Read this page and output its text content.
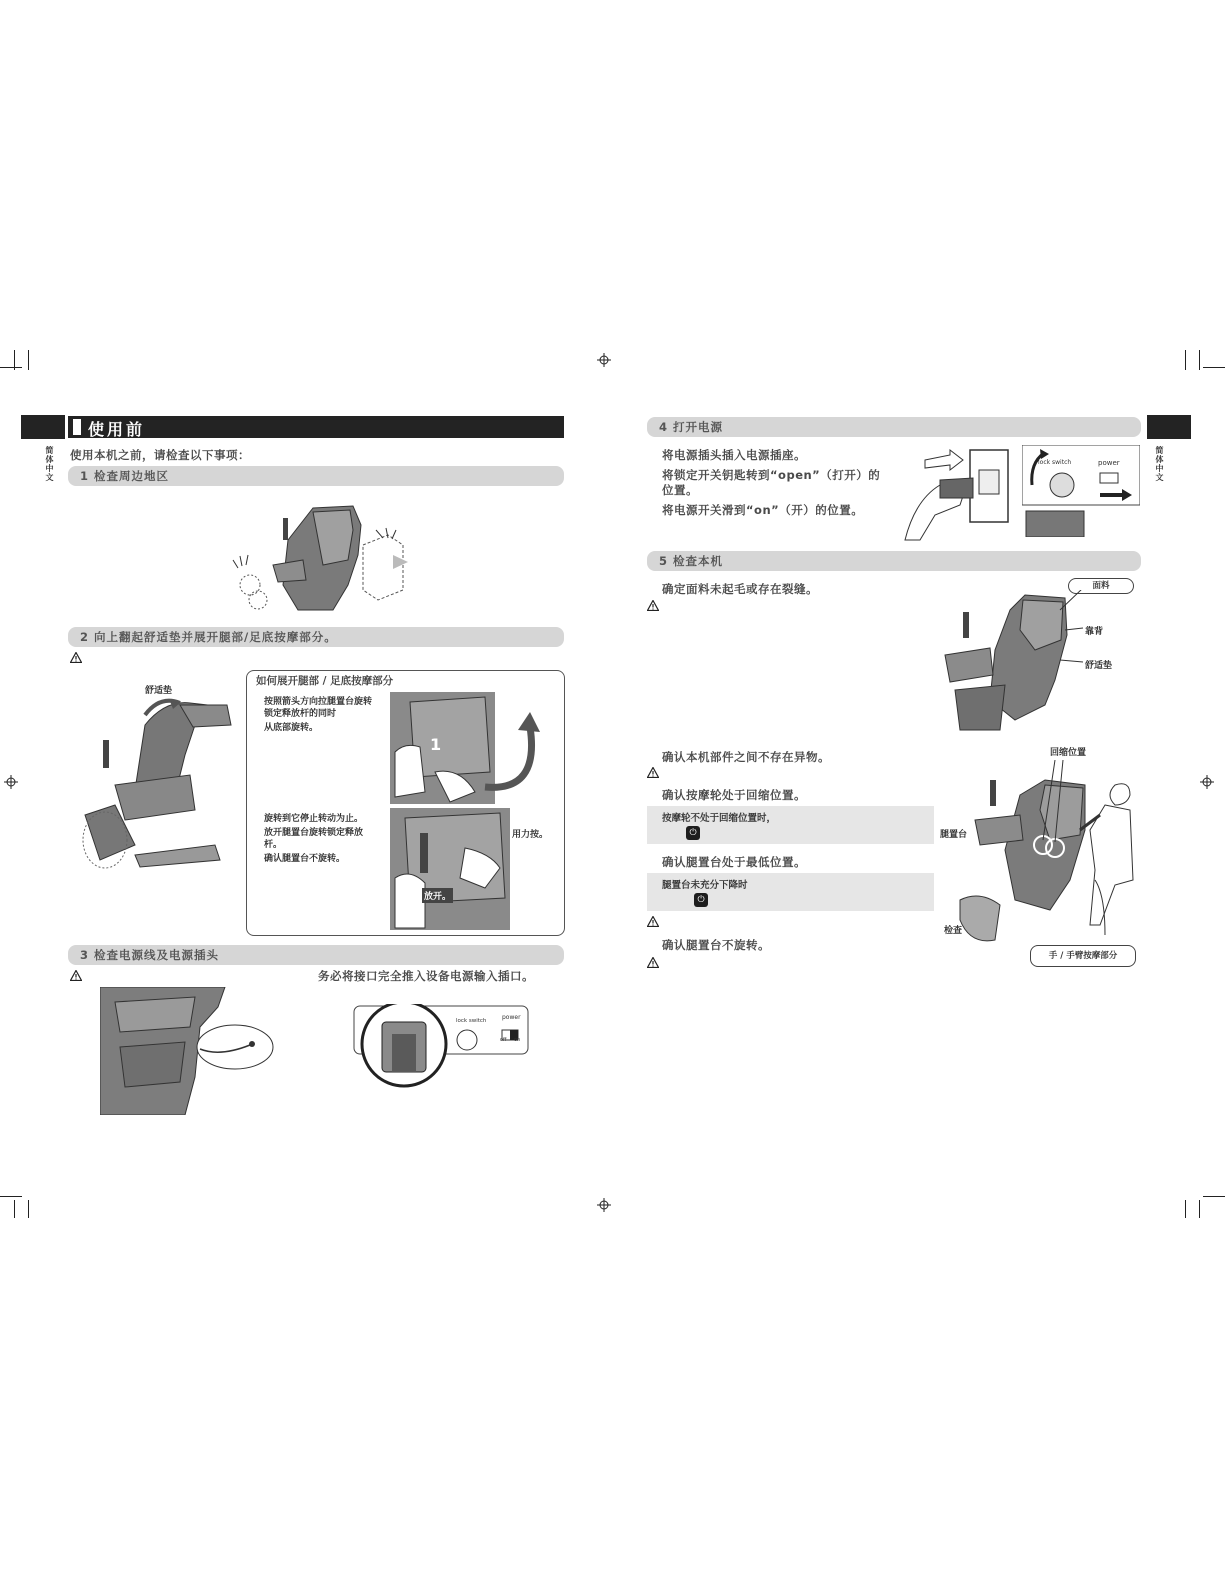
简体中文
使用前
使用本机之前，请检查以下事项：
1 检查周边地区
2 向上翻起舒适垫并展开腿部/足底按摩部分。
舒适垫
如何展开腿部 / 足底按摩部分
按照箭头方向拉腿置台旋转
锁定释放杆的同时
从底部旋转。
1
旋转到它停止转动为止。
放开腿置台旋转锁定释放
杆。
确认腿置台不旋转。
用力按。
放开。
3 检查电源线及电源插头
务必将接口完全推入设备电源输入插口。
lock switch	power
off on
简体中文
4 打开电源
将电源插头插入电源插座。
将锁定开关钥匙转到“open”（打开）的
位置。
将电源开关滑到“on”（开）的位置。
lock switch	power
5 检查本机
确定面料未起毛或存在裂缝。	面料
靠背
舒适垫
确认本机部件之间不存在异物。	回缩位置
确认按摩轮处于回缩位置。
按摩轮不处于回缩位置时，
⏻
确认腿置台处于最低位置。
腿置台未充分下降时
⏻
确认腿置台不旋转。
腿置台
检查
手 / 手臂按摩部分
